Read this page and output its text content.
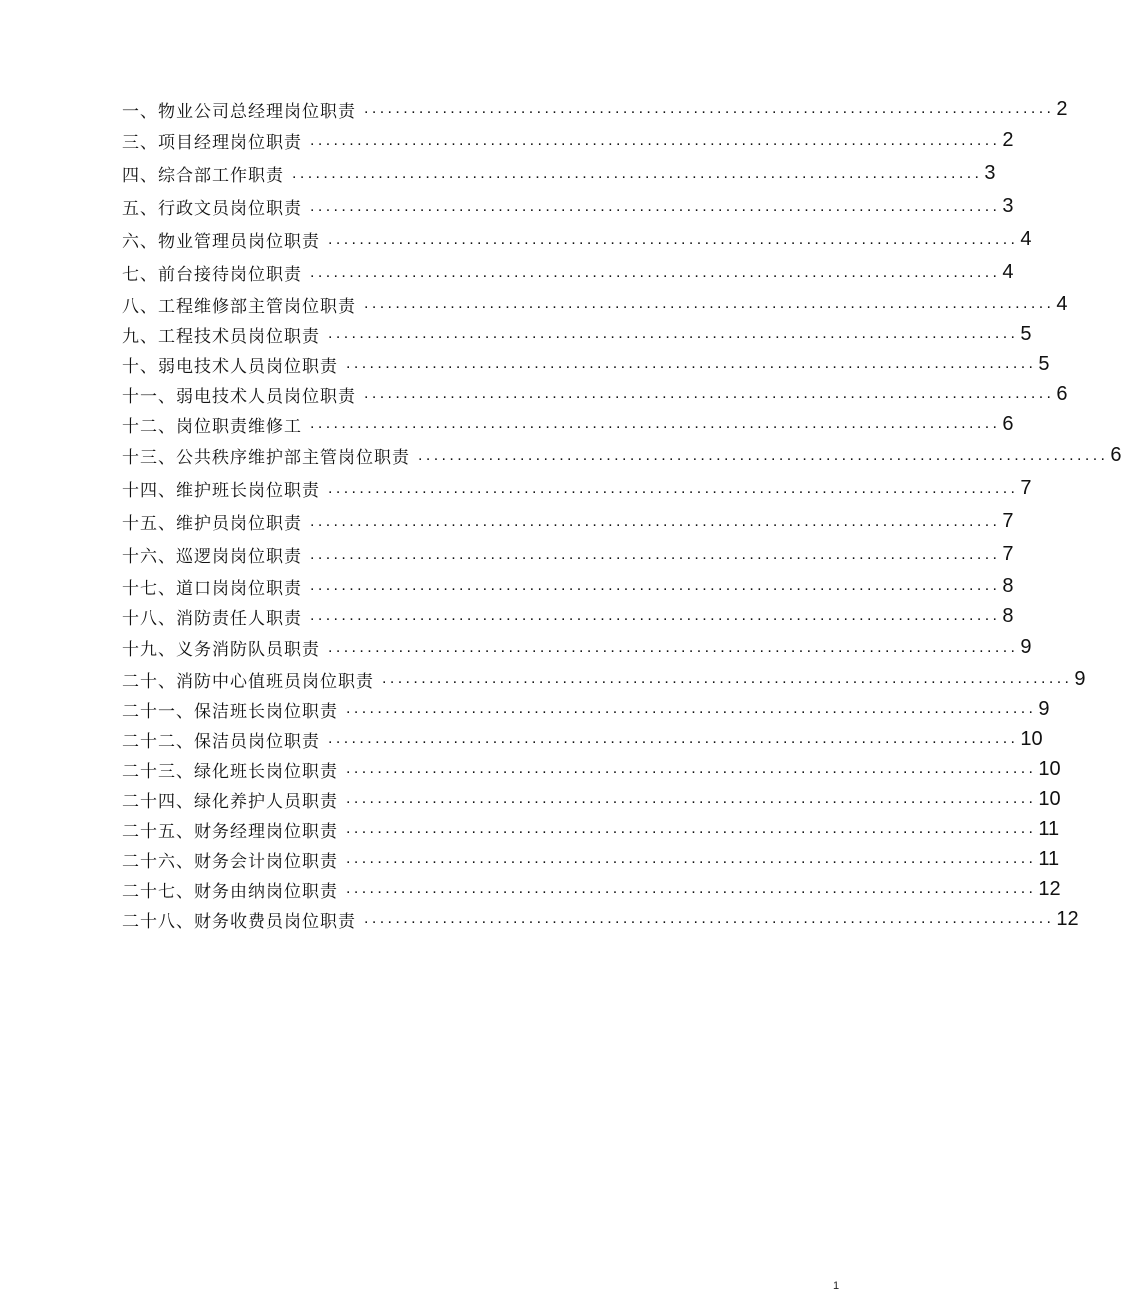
一、物业公司总经理岗位职责 ........................................................................................ 2
三、项目经理岗位职责 ........................................................................................ 2
四、综合部工作职责 ........................................................................................ 3
五、行政文员岗位职责 ........................................................................................ 3
六、物业管理员岗位职责 ........................................................................................ 4
七、前台接待岗位职责 ........................................................................................ 4
八、工程维修部主管岗位职责 ........................................................................................ 4
九、工程技术员岗位职责 ........................................................................................ 5
十、弱电技术人员岗位职责 ........................................................................................ 5
十一、弱电技术人员岗位职责 ........................................................................................ 6
十二、岗位职责维修工 ........................................................................................ 6
十三、公共秩序维护部主管岗位职责 ........................................................................................ 6
十四、维护班长岗位职责 ........................................................................................ 7
十五、维护员岗位职责 ........................................................................................ 7
十六、巡逻岗岗位职责 ........................................................................................ 7
十七、道口岗岗位职责 ........................................................................................ 8
十八、消防责任人职责 ........................................................................................ 8
十九、义务消防队员职责 ........................................................................................ 9
二十、消防中心值班员岗位职责 ........................................................................................ 9
二十一、保洁班长岗位职责 ........................................................................................ 9
二十二、保洁员岗位职责 ........................................................................................ 10
二十三、绿化班长岗位职责 ........................................................................................ 10
二十四、绿化养护人员职责 ........................................................................................ 10
二十五、财务经理岗位职责 ........................................................................................ 11
二十六、财务会计岗位职责 ........................................................................................ 11
二十七、财务由纳岗位职责 ........................................................................................ 12
二十八、财务收费员岗位职责 ........................................................................................ 12
1
